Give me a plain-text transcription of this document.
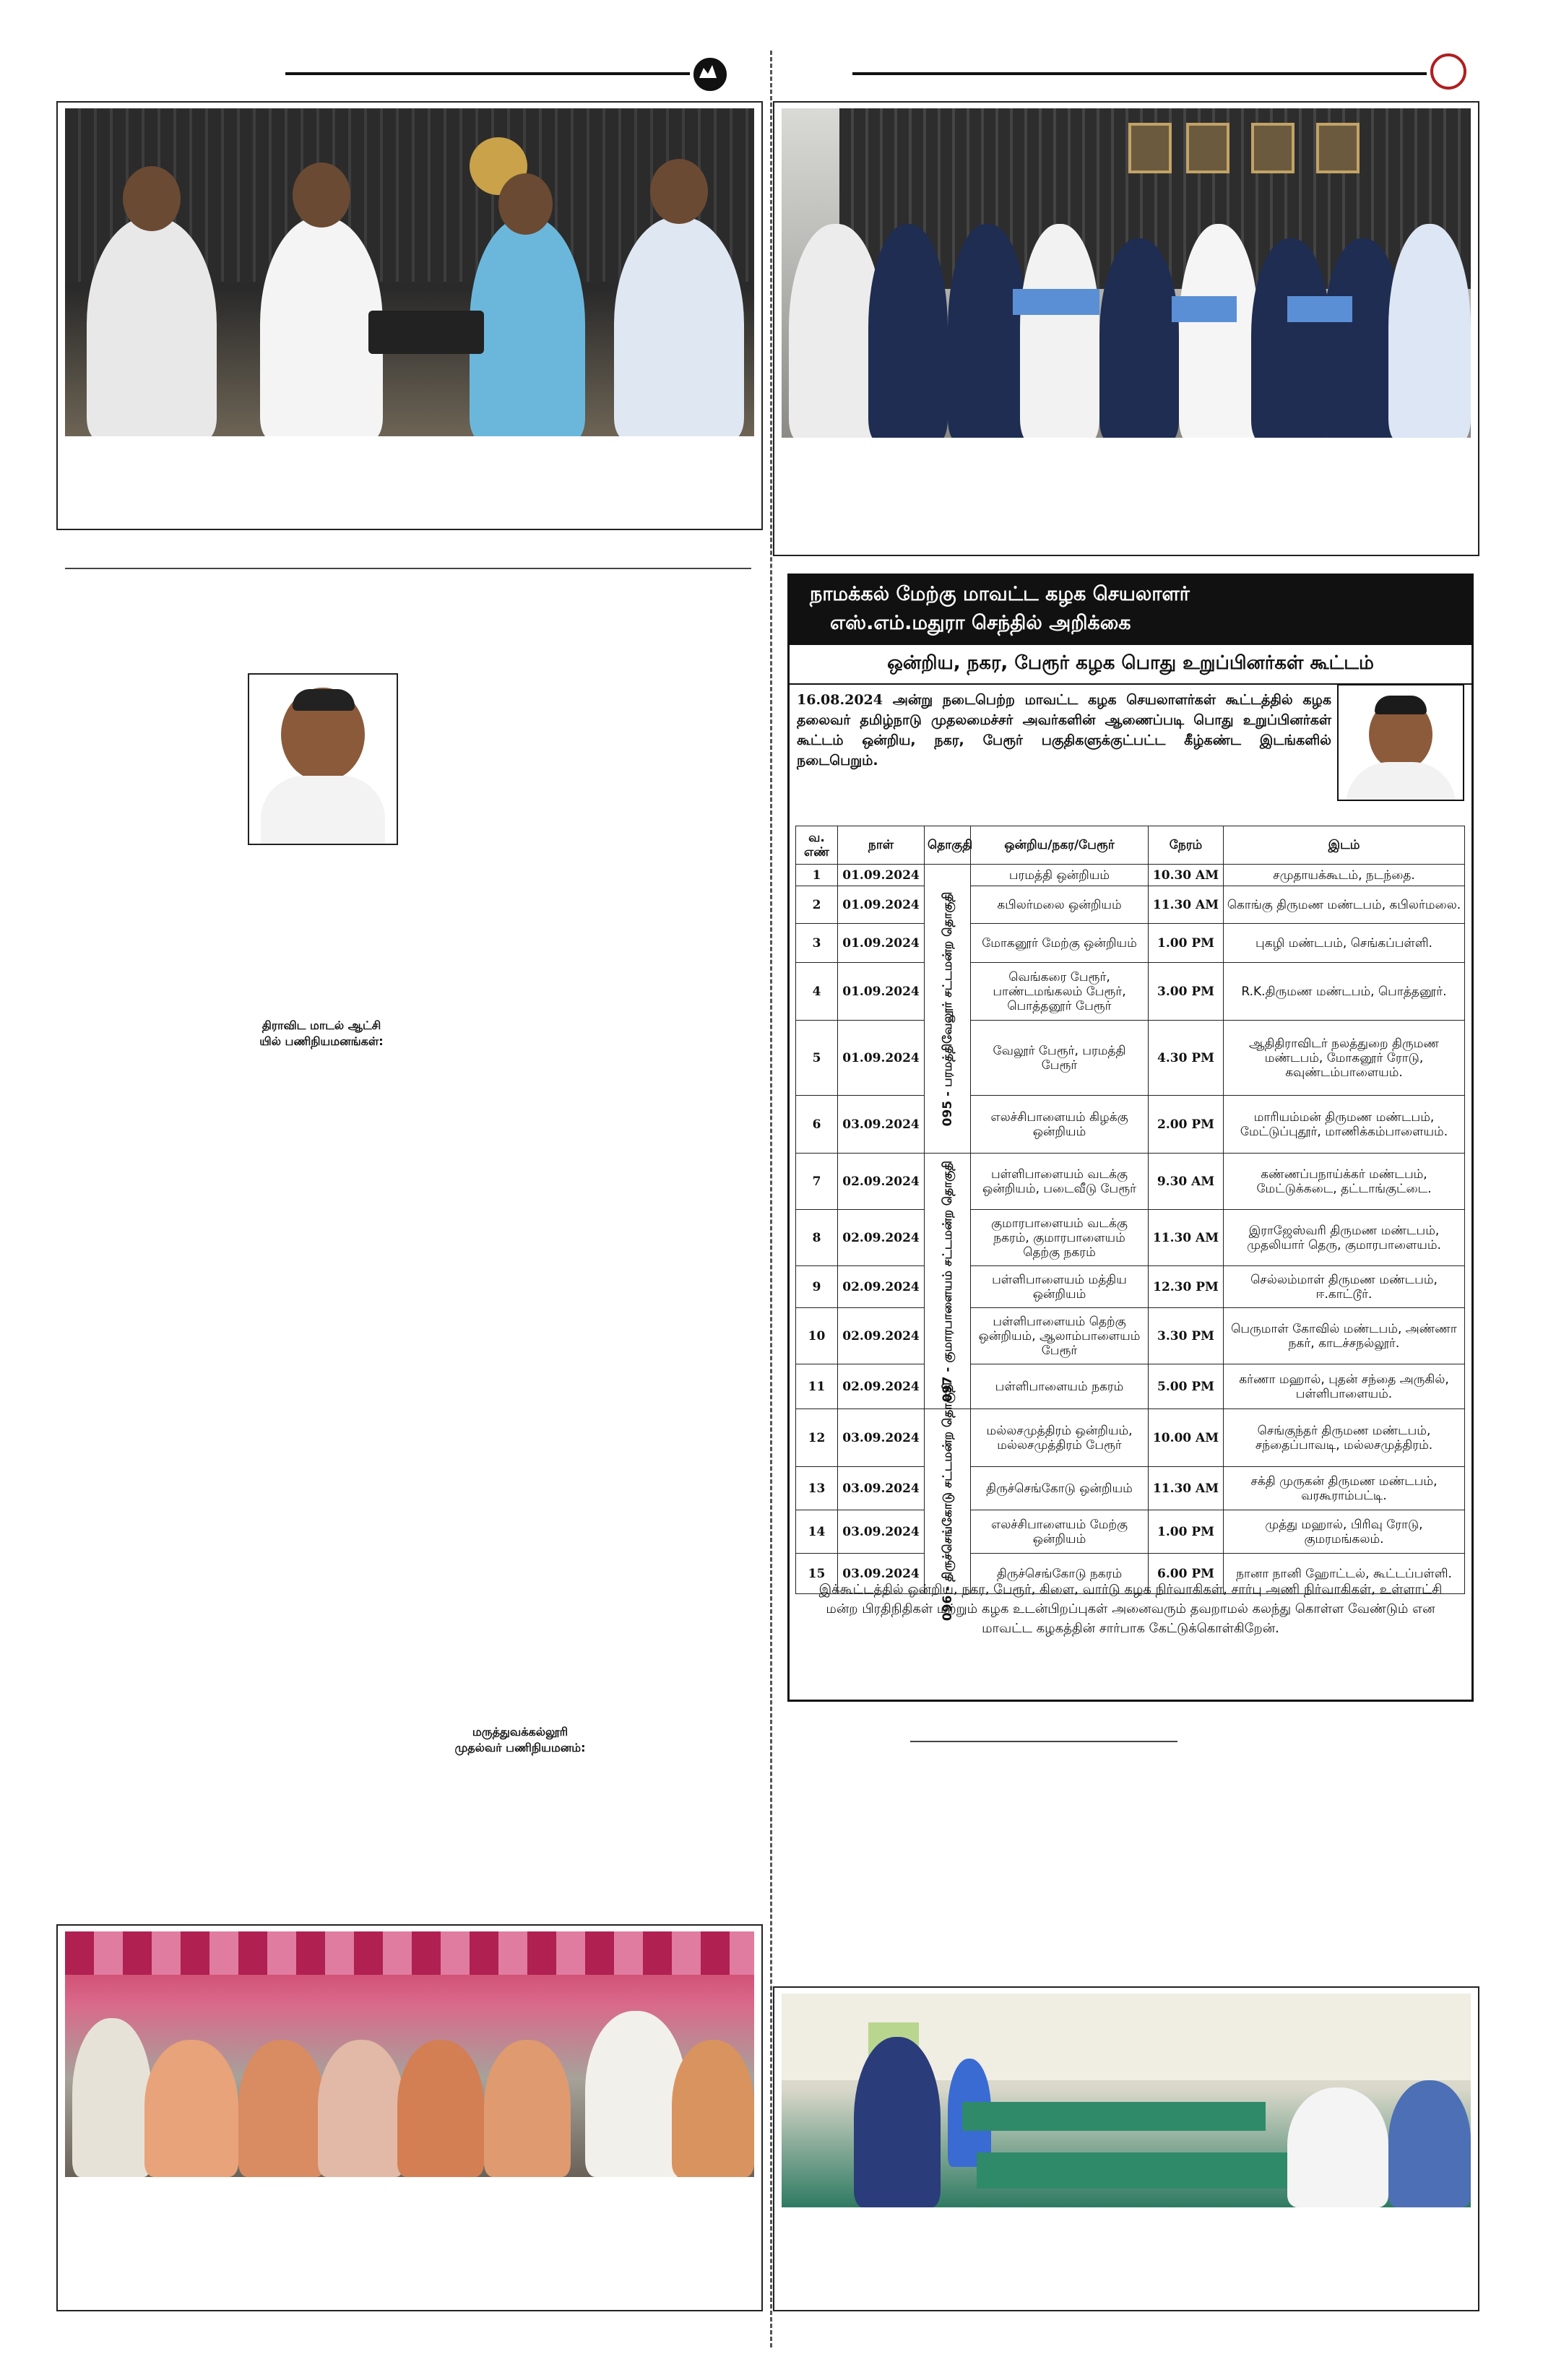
திராவிட மாடல் ஆட்சி
யில் பணிநியமனங்கள்:
மருத்துவக்கல்லூரி
முதல்வர் பணிநியமனம்:
நாமக்கல் மேற்கு மாவட்ட கழக செயலாளர்
எஸ்.எம்.மதுரா செந்தில் அறிக்கை
ஒன்றிய, நகர, பேரூர் கழக பொது உறுப்பினர்கள் கூட்டம்
16.08.2024 அன்று நடைபெற்ற மாவட்ட கழக செயலாளர்கள் கூட்டத்தில் கழக தலைவர் தமிழ்நாடு முதலமைச்சர் அவர்களின் ஆணைப்படி பொது உறுப்பினர்கள் கூட்டம் ஒன்றிய, நகர, பேரூர் பகுதிகளுக்குட்பட்ட கீழ்கண்ட இடங்களில் நடைபெறும்.
வ. எண்	நாள்	தொகுதி	ஒன்றிய/நகர/பேரூர்	நேரம்	இடம்
1	01.09.2024	095 - பரமத்திவேலூர் சட்டமன்ற தொகுதி	பரமத்தி ஒன்றியம்	10.30 AM	சமுதாயக்கூடம், நடந்தை.
2	01.09.2024		கபிலர்மலை ஒன்றியம்	11.30 AM	கொங்கு திருமண மண்டபம், கபிலர்மலை.
3	01.09.2024		மோகனூர் மேற்கு ஒன்றியம்	1.00 PM	புகழி மண்டபம், செங்கப்பள்ளி.
4	01.09.2024		வெங்கரை பேரூர், பாண்டமங்கலம் பேரூர், பொத்தனூர் பேரூர்	3.00 PM	R.K.திருமண மண்டபம், பொத்தனூர்.
5	01.09.2024		வேலூர் பேரூர், பரமத்தி பேரூர்	4.30 PM	ஆதிதிராவிடர் நலத்துறை திருமண மண்டபம், மோகனூர் ரோடு, கவுண்டம்பாளையம்.
6	03.09.2024		எலச்சிபாளையம் கிழக்கு ஒன்றியம்	2.00 PM	மாரியம்மன் திருமண மண்டபம், மேட்டுப்புதூர், மாணிக்கம்பாளையம்.
7	02.09.2024	097 - குமாரபாளையம் சட்டமன்ற தொகுதி	பள்ளிபாளையம் வடக்கு ஒன்றியம், படைவீடு பேரூர்	9.30 AM	கண்ணப்பநாய்க்கர் மண்டபம், மேட்டுக்கடை, தட்டாங்குட்டை.
8	02.09.2024		குமாரபாளையம் வடக்கு நகரம், குமாரபாளையம் தெற்கு நகரம்	11.30 AM	இராஜேஸ்வரி திருமண மண்டபம், முதலியார் தெரு, குமாரபாளையம்.
9	02.09.2024		பள்ளிபாளையம் மத்திய ஒன்றியம்	12.30 PM	செல்லம்மாள் திருமண மண்டபம், ஈ.காட்டூர்.
10	02.09.2024		பள்ளிபாளையம் தெற்கு ஒன்றியம், ஆலாம்பாளையம் பேரூர்	3.30 PM	பெருமாள் கோவில் மண்டபம், அண்ணா நகர், காடச்சநல்லூர்.
11	02.09.2024		பள்ளிபாளையம் நகரம்	5.00 PM	கர்ணா மஹால், புதன் சந்தை அருகில், பள்ளிபாளையம்.
12	03.09.2024	096 - திருச்செங்கோடு சட்டமன்ற தொகுதி	மல்லசமுத்திரம் ஒன்றியம், மல்லசமுத்திரம் பேரூர்	10.00 AM	செங்குந்தர் திருமண மண்டபம், சந்தைப்பாவடி, மல்லசமுத்திரம்.
13	03.09.2024		திருச்செங்கோடு ஒன்றியம்	11.30 AM	சக்தி முருகன் திருமண மண்டபம், வரகூராம்பட்டி.
14	03.09.2024		எலச்சிபாளையம் மேற்கு ஒன்றியம்	1.00 PM	முத்து மஹால், பிரிவு ரோடு, குமரமங்கலம்.
15	03.09.2024		திருச்செங்கோடு நகரம்	6.00 PM	நானா நானி ஹோட்டல், கூட்டப்பள்ளி.
இக்கூட்டத்தில் ஒன்றிய, நகர, பேரூர், கிளை, வார்டு கழக நிர்வாகிகள், சார்பு அணி நிர்வாகிகள், உள்ளாட்சி மன்ற பிரதிநிதிகள் மற்றும் கழக உடன்பிறப்புகள் அனைவரும் தவறாமல் கலந்து கொள்ள வேண்டும் என மாவட்ட கழகத்தின் சார்பாக கேட்டுக்கொள்கிறேன்.
